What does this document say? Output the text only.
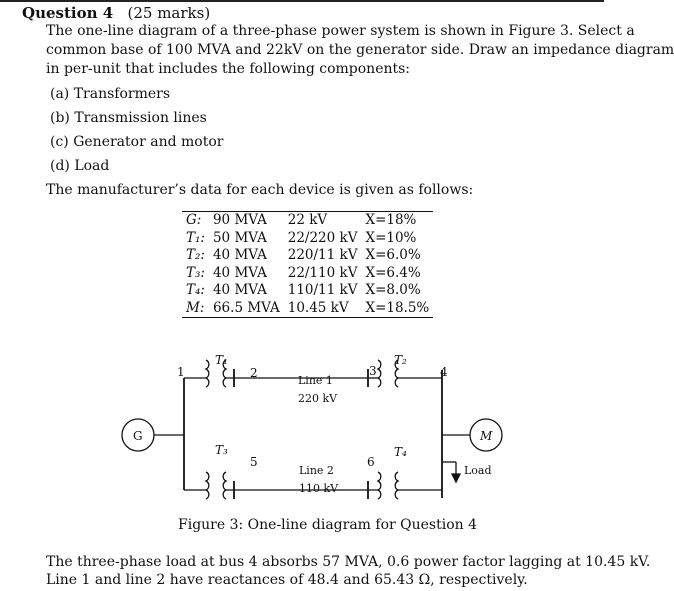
Question 4 (25 marks)
The one-line diagram of a three-phase power system is shown in Figure 3. Select a
common base of 100 MVA and 22kV on the generator side. Draw an impedance diagram
in per-unit that includes the following components:
(a) Transformers
(b) Transmission lines
(c) Generator and motor
(d) Load
The manufacturer’s data for each device is given as follows:
G:	90 MVA	22 kV	X=18%
T₁:	50 MVA	22/220 kV	X=10%
T₂:	40 MVA	220/11 kV	X=6.0%
T₃:	40 MVA	22/110 kV	X=6.4%
T₄:	40 MVA	110/11 kV	X=8.0%
M:	66.5 MVA	10.45 kV	X=18.5%
T₁
1	2
Line 1
220 kV
3
T₂
4
T₃
5
Line 2
110 kV
6
T₄
G	M
Load
Figure 3: One-line diagram for Question 4
The three-phase load at bus 4 absorbs 57 MVA, 0.6 power factor lagging at 10.45 kV.
Line 1 and line 2 have reactances of 48.4 and 65.43 Ω, respectively.
